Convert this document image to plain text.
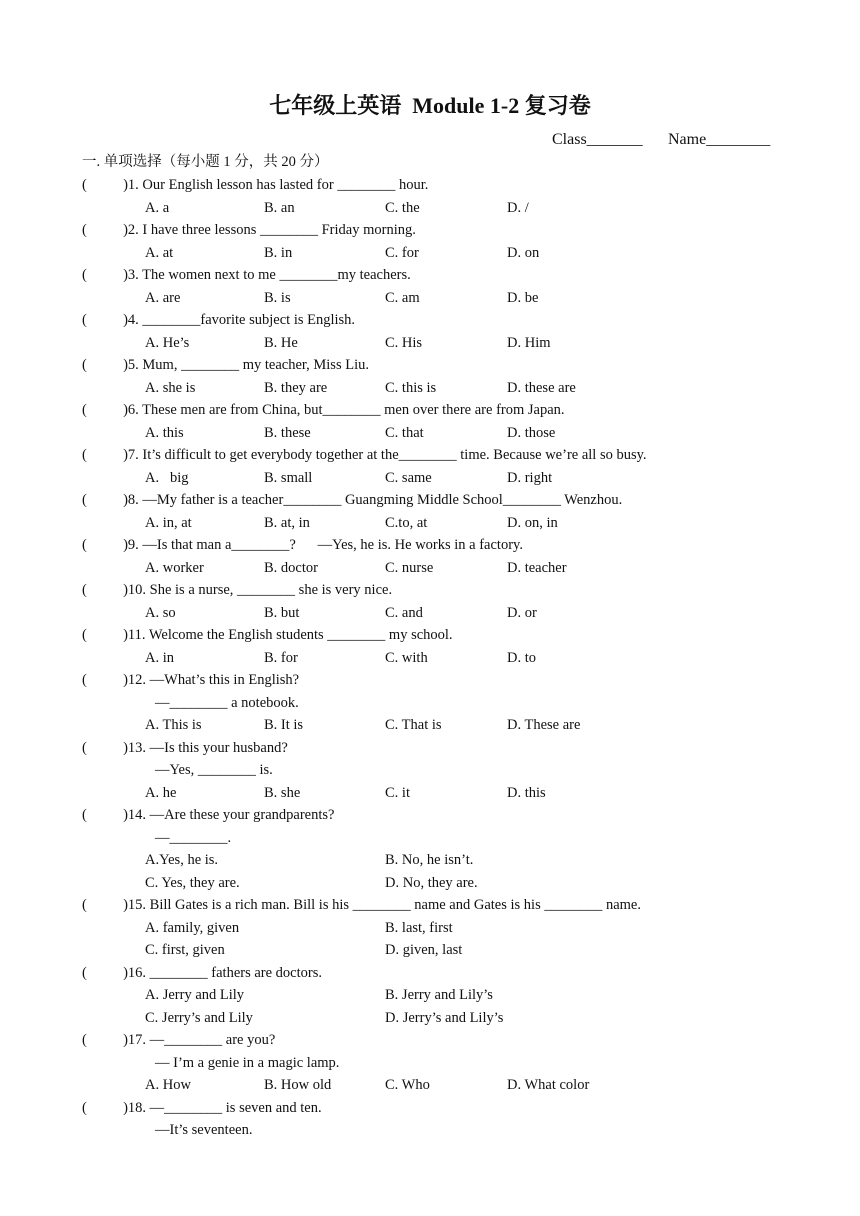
七年级上英语  Module 1-2 复习卷
Class_______ Name________
一. 单项选择（每小题 1 分，共 20 分）
(          )1. Our English lesson has lasted for ________ hour.
A. a	B. an	C. the	D. /
(          )2. I have three lessons ________ Friday morning.
A. at	B. in	C. for	D. on
(          )3. The women next to me ________my teachers.
A. are	B. is	C. am	D. be
(          )4. ________favorite subject is English.
A. He’s	B. He	C. His	D. Him
(          )5. Mum, ________ my teacher, Miss Liu.
A. she is	B. they are	C. this is	D. these are
(          )6. These men are from China, but________ men over there are from Japan.
A. this	B. these	C. that	D. those
(          )7. It’s difficult to get everybody together at the________ time. Because we’re all so busy.
A.   big	B. small	C. same	D. right
(          )8. —My father is a teacher________ Guangming Middle School________ Wenzhou.
A. in, at	B. at, in	C.to, at	D. on, in
(          )9. —Is that man a________?      —Yes, he is. He works in a factory.
A. worker	B. doctor	C. nurse	D. teacher
(          )10. She is a nurse, ________ she is very nice.
A. so	B. but	C. and	D. or
(          )11. Welcome the English students ________ my school.
A. in	B. for	C. with	D. to
(          )12. —What’s this in English?
—________ a notebook.
A. This is	B. It is	C. That is	D. These are
(          )13. —Is this your husband?
—Yes, ________ is.
A. he	B. she	C. it	D. this
(          )14. —Are these your grandparents?
—________.
A.Yes, he is.	B. No, he isn’t.
C. Yes, they are.	D. No, they are.
(          )15. Bill Gates is a rich man. Bill is his ________ name and Gates is his ________ name.
A. family, given	B. last, first
C. first, given	D. given, last
(          )16. ________ fathers are doctors.
A. Jerry and Lily	B. Jerry and Lily’s
C. Jerry’s and Lily	D. Jerry’s and Lily’s
(          )17. —________ are you?
— I’m a genie in a magic lamp.
A. How	B. How old	C. Who	D. What color
(          )18. —________ is seven and ten.
—It’s seventeen.
